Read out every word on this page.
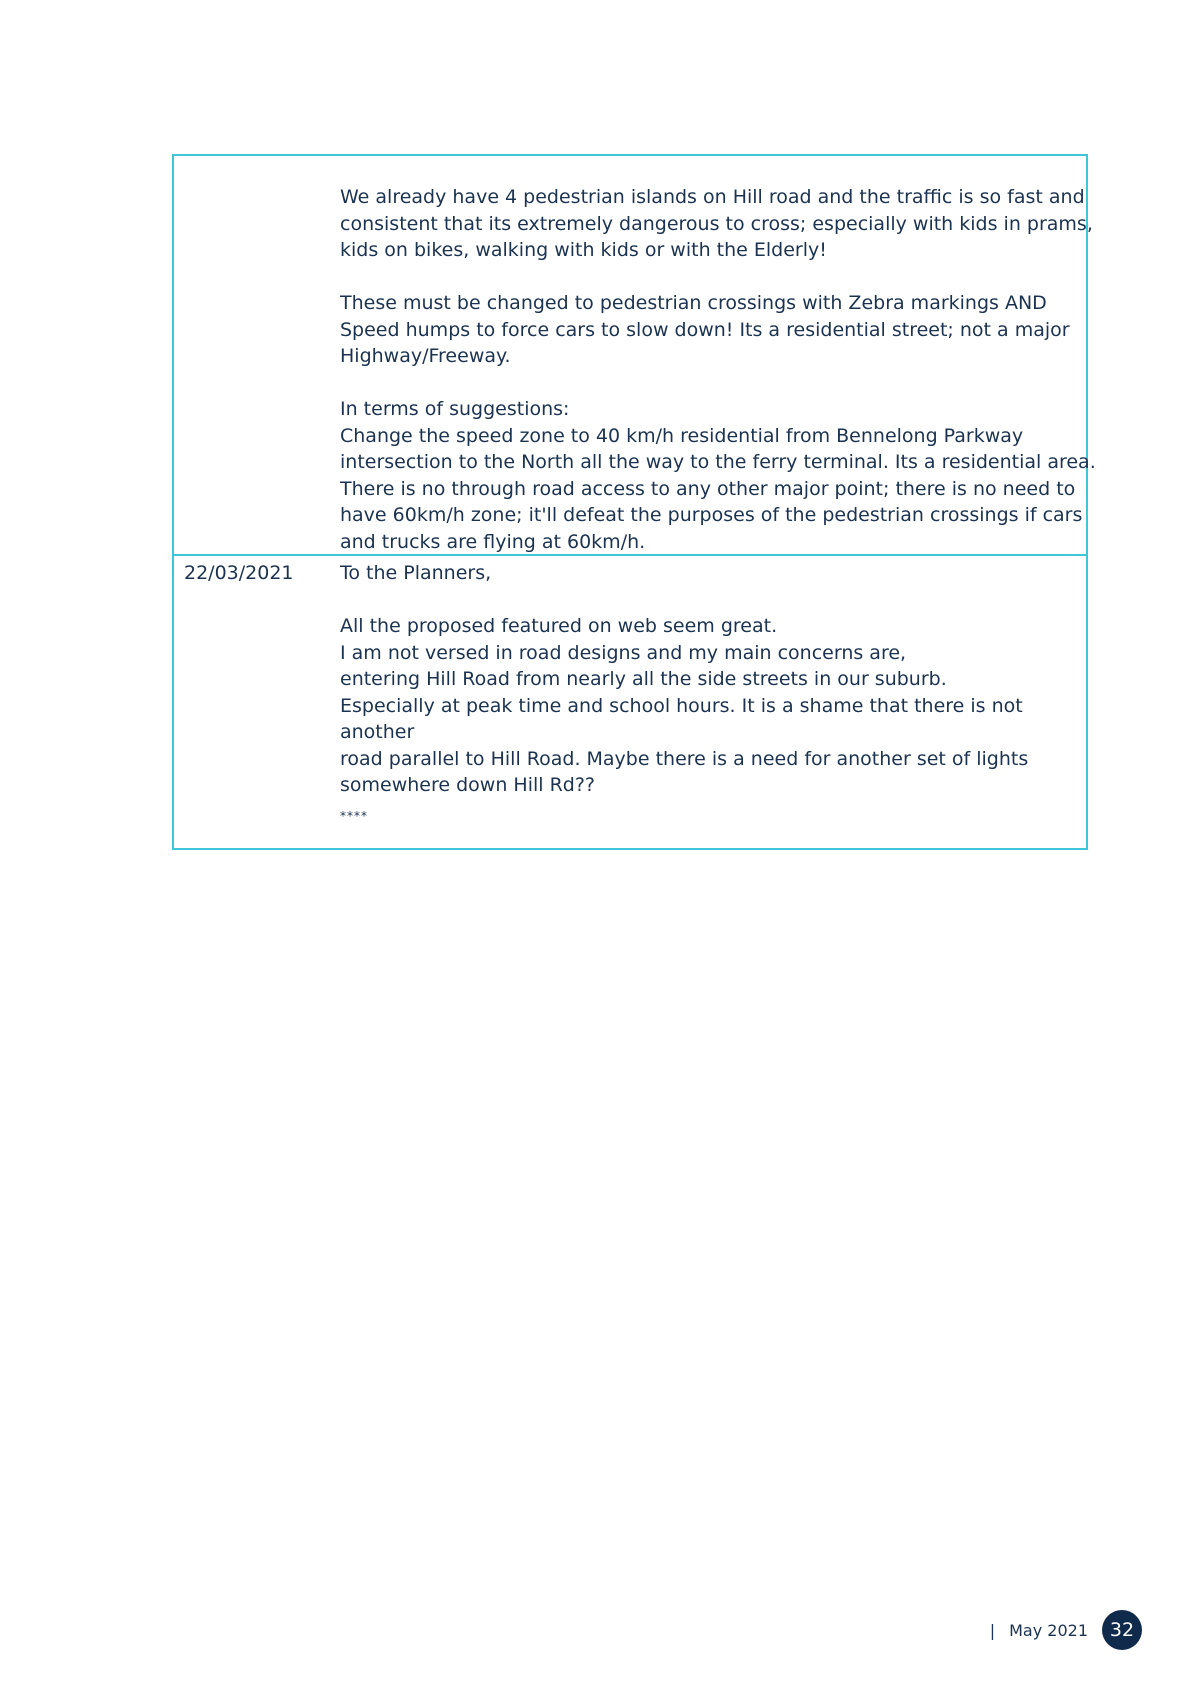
We already have 4 pedestrian islands on Hill road and the traffic is so fast and
consistent that its extremely dangerous to cross; especially with kids in prams,
kids on bikes, walking with kids or with the Elderly!
These must be changed to pedestrian crossings with Zebra markings AND
Speed humps to force cars to slow down! Its a residential street; not a major
Highway/Freeway.
In terms of suggestions:
Change the speed zone to 40 km/h residential from Bennelong Parkway
intersection to the North all the way to the ferry terminal. Its a residential area.
There is no through road access to any other major point; there is no need to
have 60km/h zone; it'll defeat the purposes of the pedestrian crossings if cars
and trucks are flying at 60km/h.
22/03/2021 To the Planners,
All the proposed featured on web seem great.
I am not versed in road designs and my main concerns are,
entering Hill Road from nearly all the side streets in our suburb.
Especially at peak time and school hours. It is a shame that there is not
another
road parallel to Hill Road. Maybe there is a need for another set of lights
somewhere down Hill Rd??
****
| May 2021	32
